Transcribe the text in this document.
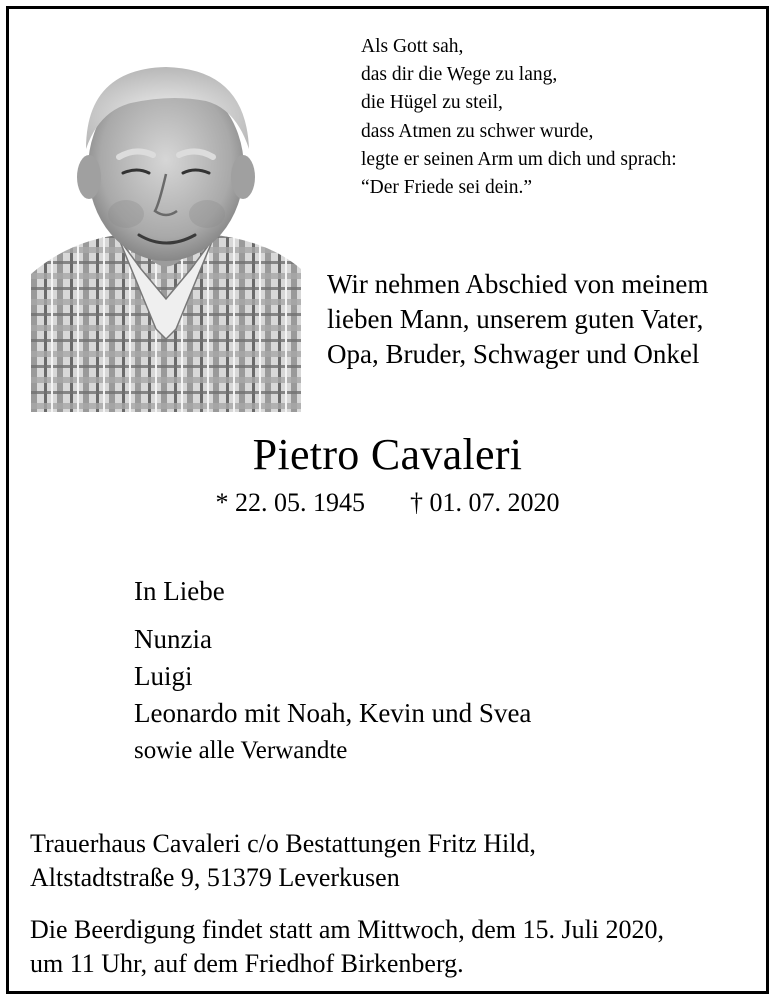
Als Gott sah,
das dir die Wege zu lang,
die Hügel zu steil,
dass Atmen zu schwer wurde,
legte er seinen Arm um dich und sprach:
“Der Friede sei dein.”
Wir nehmen Abschied von meinem
lieben Mann, unserem guten Vater,
Opa, Bruder, Schwager und Onkel
Pietro Cavaleri
* 22. 05. 1945 † 01. 07. 2020
In Liebe
Nunzia
Luigi
Leonardo mit Noah, Kevin und Svea
sowie alle Verwandte
Trauerhaus Cavaleri c/o Bestattungen Fritz Hild,
Altstadtstraße 9, 51379 Leverkusen
Die Beerdigung findet statt am Mittwoch, dem 15. Juli 2020,
um 11 Uhr, auf dem Friedhof Birkenberg.
